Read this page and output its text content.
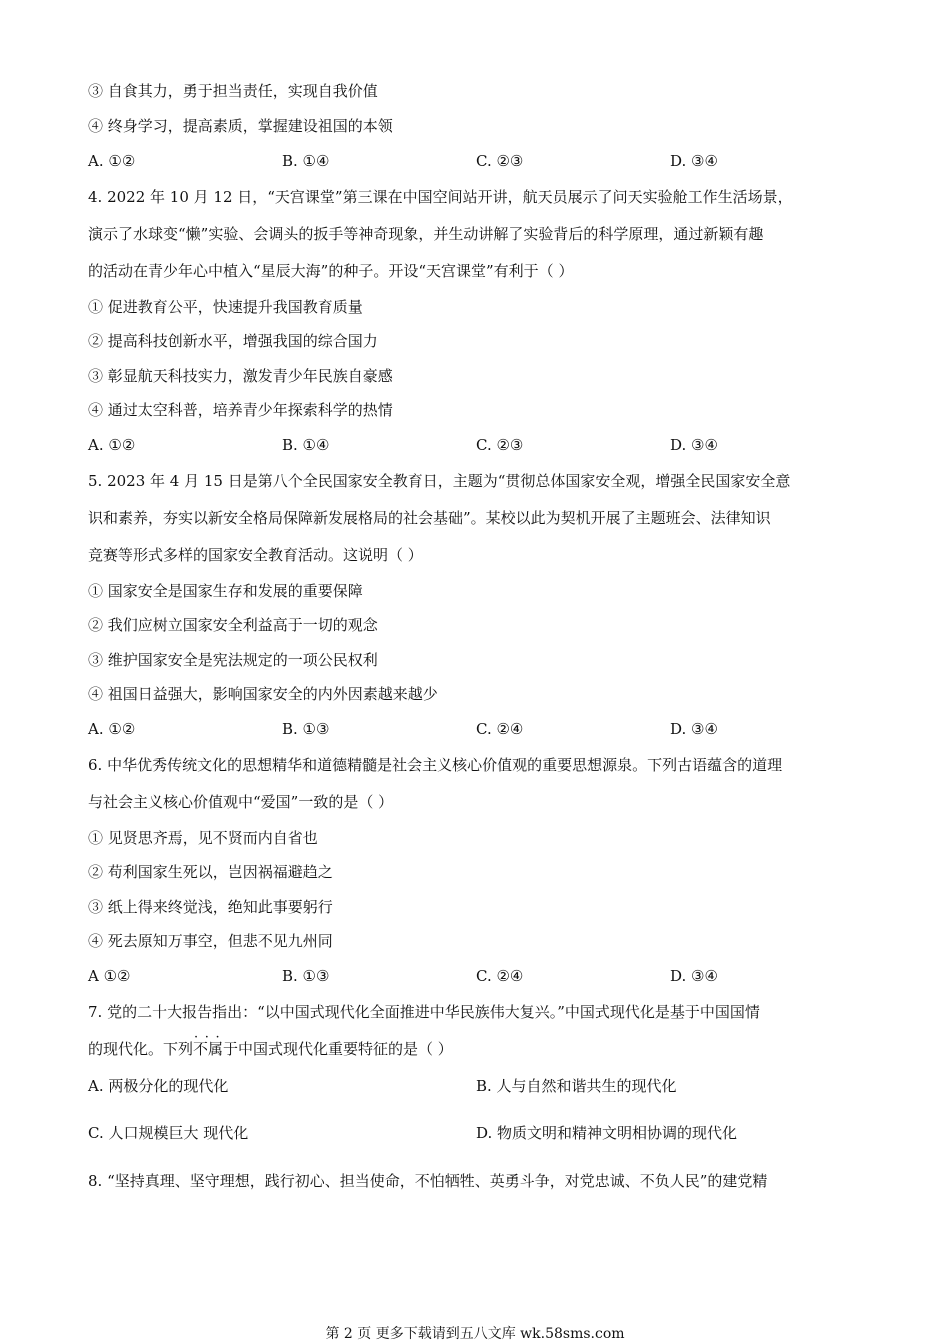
③ 自食其力，勇于担当责任，实现自我价值
④ 终身学习，提高素质，掌握建设祖国的本领
A. ①②	B. ①④	C. ②③	D. ③④
4. 2022 年 10 月 12 日，“天宫课堂”第三课在中国空间站开讲，航天员展示了问天实验舱工作生活场景，
演示了水球变“懒”实验、会调头的扳手等神奇现象，并生动讲解了实验背后的科学原理，通过新颖有趣
的活动在青少年心中植入“星辰大海”的种子。开设“天宫课堂”有利于（ ）
① 促进教育公平，快速提升我国教育质量
② 提高科技创新水平，增强我国的综合国力
③ 彰显航天科技实力，激发青少年民族自豪感
④ 通过太空科普，培养青少年探索科学的热情
A. ①②	B. ①④	C. ②③	D. ③④
5. 2023 年 4 月 15 日是第八个全民国家安全教育日，主题为“贯彻总体国家安全观，增强全民国家安全意
识和素养，夯实以新安全格局保障新发展格局的社会基础”。某校以此为契机开展了主题班会、法律知识
竞赛等形式多样的国家安全教育活动。这说明（ ）
① 国家安全是国家生存和发展的重要保障
② 我们应树立国家安全利益高于一切的观念
③ 维护国家安全是宪法规定的一项公民权利
④ 祖国日益强大，影响国家安全的内外因素越来越少
A. ①②	B. ①③	C. ②④	D. ③④
6. 中华优秀传统文化的思想精华和道德精髓是社会主义核心价值观的重要思想源泉。下列古语蕴含的道理
与社会主义核心价值观中“爱国”一致的是（ ）
① 见贤思齐焉，见不贤而内自省也
② 苟利国家生死以，岂因祸福避趋之
③ 纸上得来终觉浅，绝知此事要躬行
④ 死去原知万事空，但悲不见九州同
A ①②	B. ①③	C. ②④	D. ③④
7. 党的二十大报告指出：“以中国式现代化全面推进中华民族伟大复兴。”中国式现代化是基于中国国情
的现代化。下列不属于 · · ·中国式现代化重要特征的是（ ）
A. 两极分化的现代化	B. 人与自然和谐共生的现代化
C. 人口规模巨大 现代化	D. 物质文明和精神文明相协调的现代化
8. “坚持真理、坚守理想，践行初心、担当使命，不怕牺牲、英勇斗争，对党忠诚、不负人民”的建党精
第 2 页 更多下载请到五八文库 wk.58sms.com
